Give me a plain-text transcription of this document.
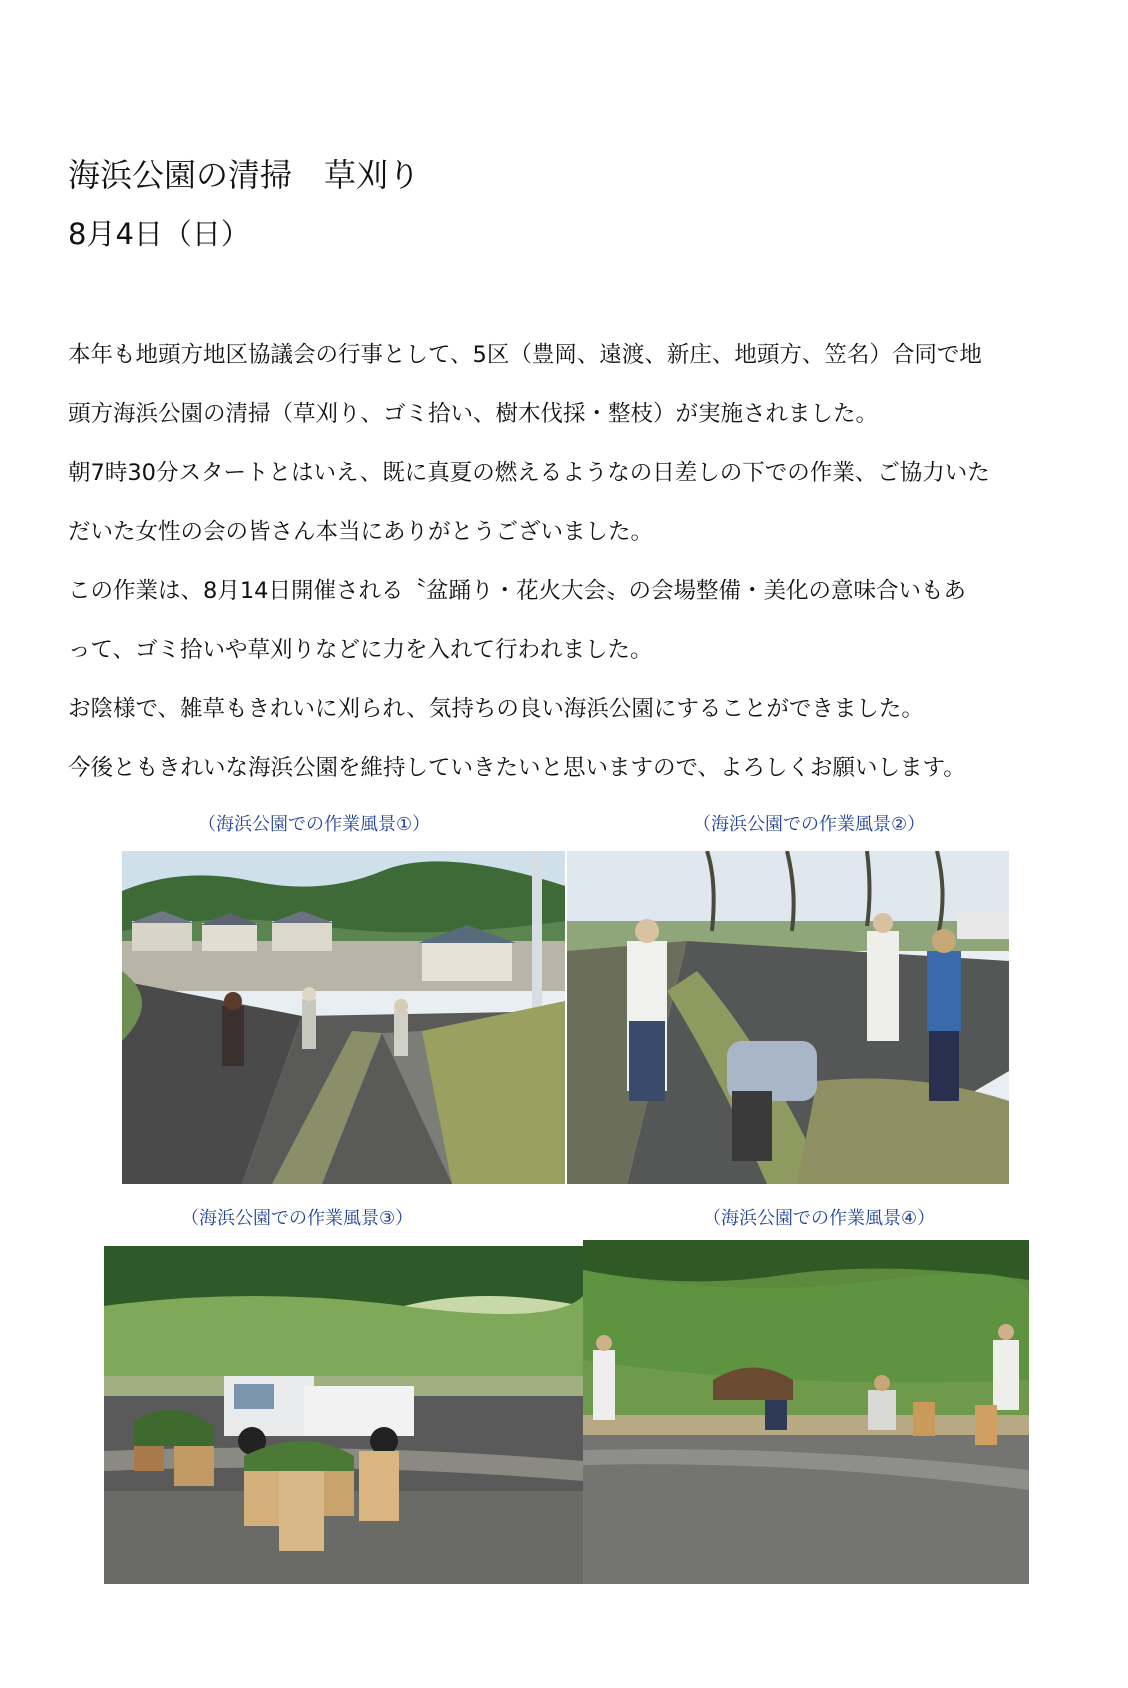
海浜公園の清掃　草刈り
8月4日（日）
本年も地頭方地区協議会の行事として、5区（豊岡、遠渡、新庄、地頭方、笠名）合同で地
頭方海浜公園の清掃（草刈り、ゴミ拾い、樹木伐採・整枝）が実施されました。
朝7時30分スタートとはいえ、既に真夏の燃えるようなの日差しの下での作業、ご協力いた
だいた女性の会の皆さん本当にありがとうございました。
この作業は、8月14日開催される〝盆踊り・花火大会〟の会場整備・美化の意味合いもあ
って、ゴミ拾いや草刈りなどに力を入れて行われました。
お陰様で、雑草もきれいに刈られ、気持ちの良い海浜公園にすることができました。
今後ともきれいな海浜公園を維持していきたいと思いますので、よろしくお願いします。
（海浜公園での作業風景①）	（海浜公園での作業風景②）
（海浜公園での作業風景③）	（海浜公園での作業風景④）
